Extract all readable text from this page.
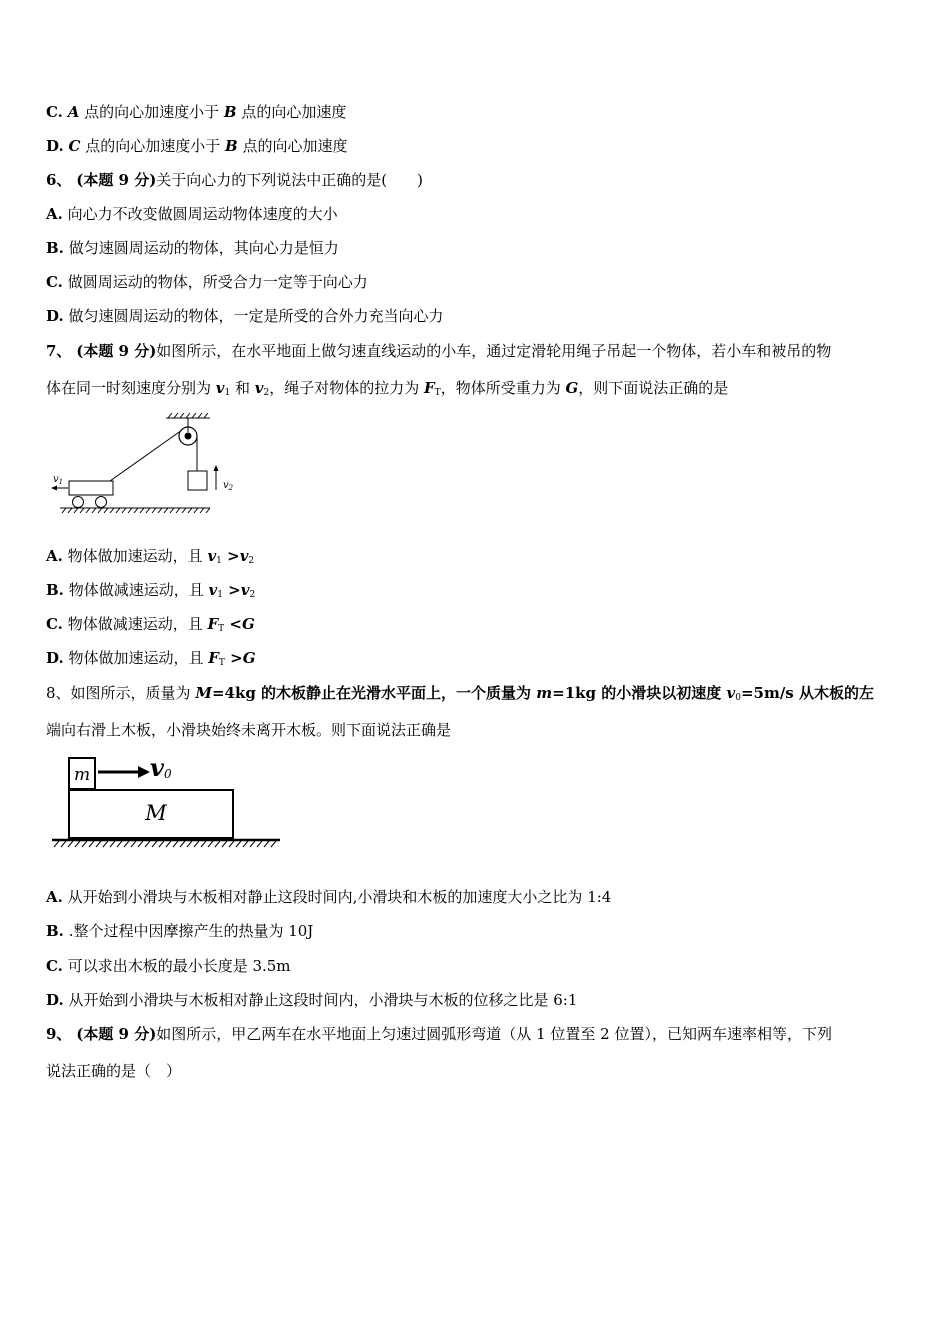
C. A 点的向心加速度小于 B 点的向心加速度
D. C 点的向心加速度小于 B 点的向心加速度
6、 (本题 9 分)关于向心力的下列说法中正确的是(　　)
A. 向心力不改变做圆周运动物体速度的大小
B. 做匀速圆周运动的物体，其向心力是恒力
C. 做圆周运动的物体，所受合力一定等于向心力
D. 做匀速圆周运动的物体，一定是所受的合外力充当向心力
7、 (本题 9 分)如图所示，在水平地面上做匀速直线运动的小车，通过定滑轮用绳子吊起一个物体，若小车和被吊的物
体在同一时刻速度分别为 $v_1$ 和 $v_2$，绳子对物体的拉力为 $F_T$，物体所受重力为 G，则下面说法正确的是
$v_2$
$v_1$
A. 物体做加速运动，且 $v_1 >v_2$
B. 物体做减速运动，且 $v_1 >v_2$
C. 物体做减速运动，且 $F_T <G$
D. 物体做加速运动，且 $F_T >G$
8、如图所示，质量为 M=4kg 的木板静止在光滑水平面上，一个质量为 m=1kg 的小滑块以初速度 $v_0=5m/s$ 从木板的左
端向右滑上木板，小滑块始终未离开木板。则下面说法正确是
m v0
M
A. 从开始到小滑块与木板相对静止这段时间内,小滑块和木板的加速度大小之比为 1:4
B. .整个过程中因摩擦产生的热量为 10J
C. 可以求出木板的最小长度是 3.5m
D. 从开始到小滑块与木板相对静止这段时间内，小滑块与木板的位移之比是 6:1
9、 (本题 9 分)如图所示，甲乙两车在水平地面上匀速过圆弧形弯道（从 1 位置至 2 位置），已知两车速率相等，下列
说法正确的是（　）
